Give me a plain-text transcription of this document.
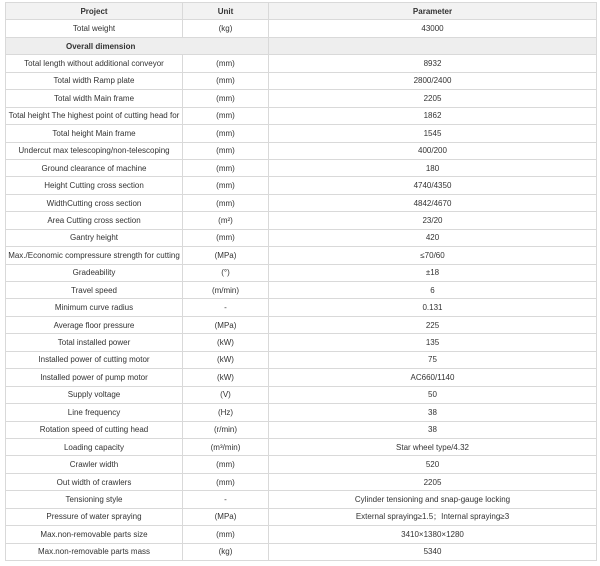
Project	Unit	Parameter
Total weight	(kg)	43000
Overall dimension		
Total length without additional conveyor	(mm)	8932
Total width Ramp plate	(mm)	2800/2400
Total width Main frame	(mm)	2205
Total height The highest point of cutting head for	(mm)	1862
Total height Main frame	(mm)	1545
Undercut max telescoping/non-telescoping	(mm)	400/200
Ground clearance of machine	(mm)	180
Height Cutting cross section	(mm)	4740/4350
WidthCutting cross section	(mm)	4842/4670
Area Cutting cross section	(m²)	23/20
Gantry height	(mm)	420
Max./Economic compressure strength for cutting	(MPa)	≤70/60
Gradeability	(°)	±18
Travel speed	(m/min)	6
Minimum curve radius	-	0.131
Average floor pressure	(MPa)	225
Total installed power	(kW)	135
Installed power of cutting motor	(kW)	75
Installed power of pump motor	(kW)	AC660/1140
Supply voltage	(V)	50
Line frequency	(Hz)	38
Rotation speed of cutting head	(r/min)	38
Loading capacity	(m³/min)	Star wheel type/4.32
Crawler width	(mm)	520
Out width of crawlers	(mm)	2205
Tensioning style	-	Cylinder tensioning and snap-gauge locking
Pressure of water spraying	(MPa)	External spraying≥1.5；Internal spraying≥3
Max.non-removable parts size	(mm)	3410×1380×1280
Max.non-removable parts mass	(kg)	5340
